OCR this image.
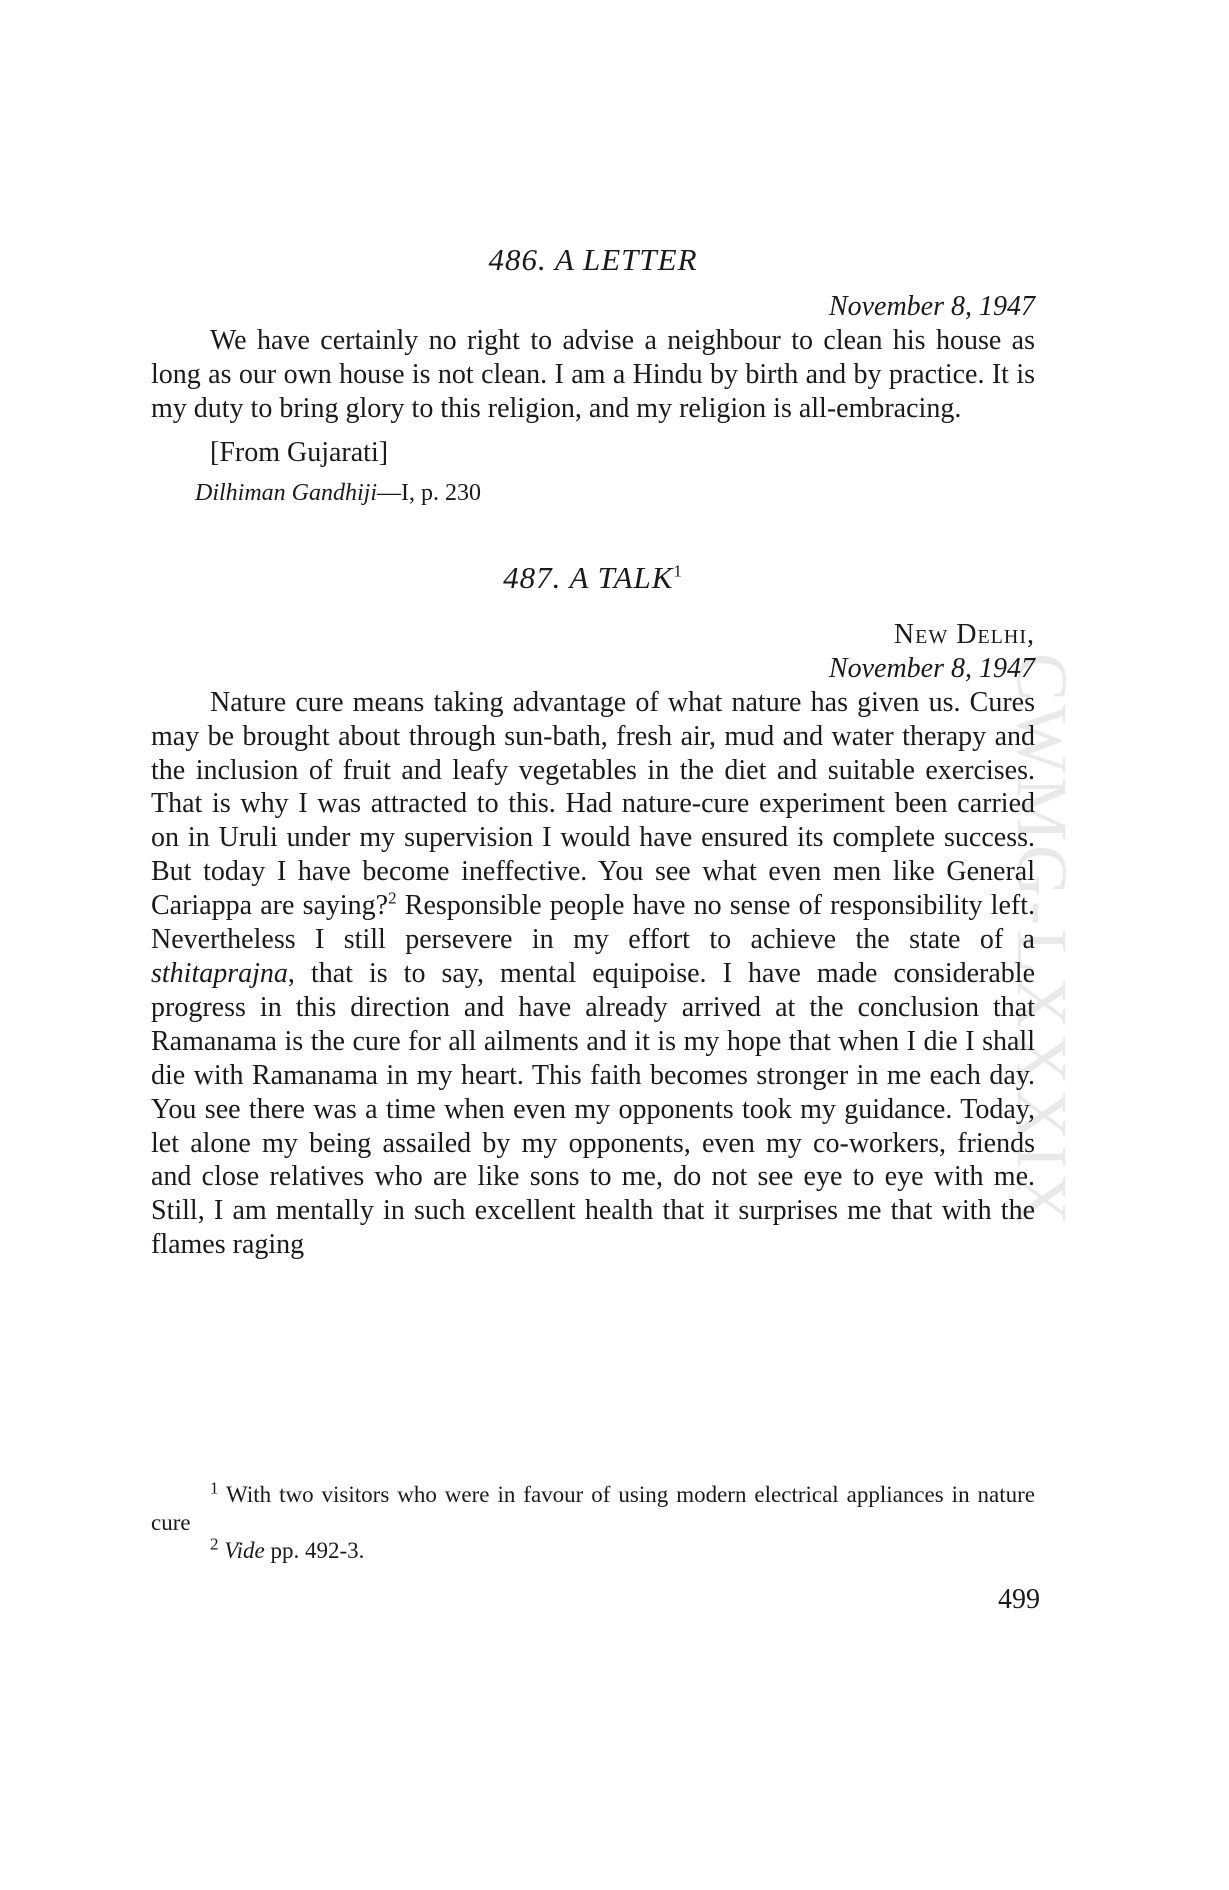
CWMG-LXXXIX
486. A LETTER
November 8, 1947

We have certainly no right to advise a neighbour to clean his house as long as our own house is not clean. I am a Hindu by birth and by practice. It is my duty to bring glory to this religion, and my religion is all-embracing.

[From Gujarati]
Dilhiman Gandhiji—I, p. 230
487. A TALK$^1$
New Delhi,
November 8, 1947

Nature cure means taking advantage of what nature has given us. Cures may be brought about through sun-bath, fresh air, mud and water therapy and the inclusion of fruit and leafy vegetables in the diet and suitable exercises. That is why I was attracted to this. Had nature-cure experiment been carried on in Uruli under my supervision I would have ensured its complete success. But today I have become ineffective. You see what even men like General Cariappa are saying?$^2$ Responsible people have no sense of responsibility left. Nevertheless I still persevere in my effort to achieve the state of a sthitaprajna, that is to say, mental equipoise. I have made considerable progress in this direction and have already arrived at the conclusion that Ramanama is the cure for all ailments and it is my hope that when I die I shall die with Ramanama in my heart. This faith becomes stronger in me each day. You see there was a time when even my opponents took my guidance. Today, let alone my being assailed by my opponents, even my co-workers, friends and close relatives who are like sons to me, do not see eye to eye with me. Still, I am mentally in such excellent health that it surprises me that with the flames raging

$^1$ With two visitors who were in favour of using modern electrical appliances in nature cure

$^2$ Vide pp. 492-3.

499
